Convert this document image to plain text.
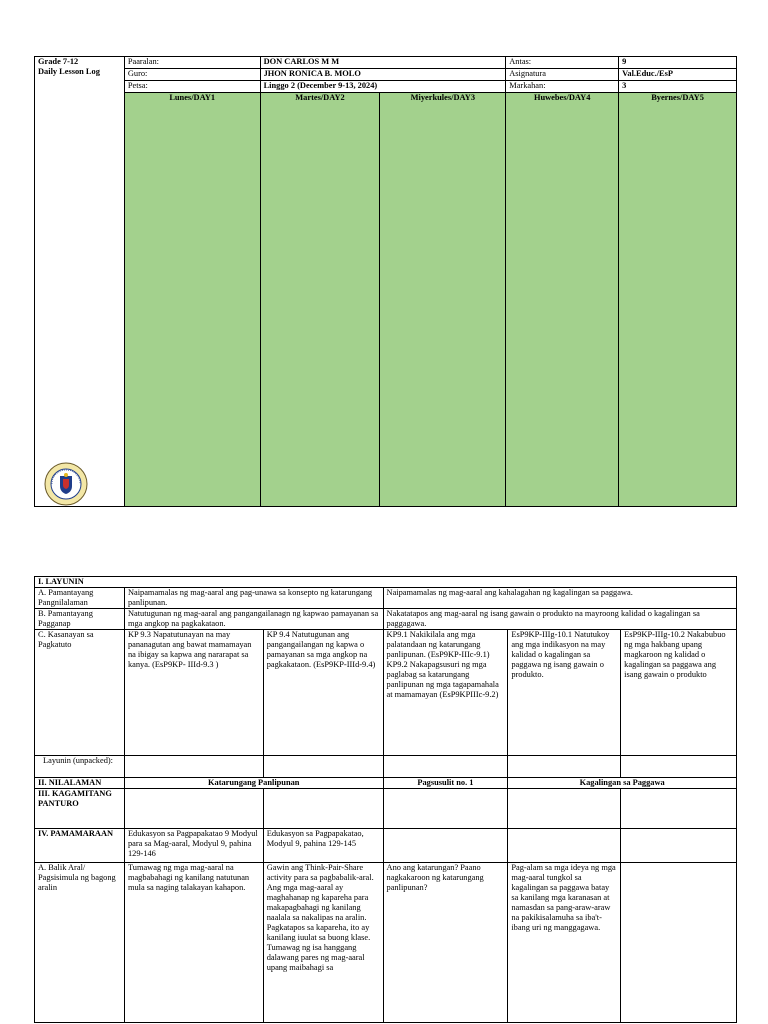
Grade 7-12
Daily Lesson Log	Paaralan:	DON CARLOS M M		Antas:	9
	Guro:	JHON RONICA B. MOLO		Asignatura	Val.Educ./EsP
	Petsa:	Linggo 2 (December 9-13, 2024)		Markahan:	3
	Lunes/DAY1	Martes/DAY2	Miyerkules/DAY3	Huwebes/DAY4	Byernes/DAY5
I. LAYUNIN					
A. Pamantayang Pangnilalaman	Naipamamalas ng mag-aaral ang pag-unawa sa konsepto ng katarungang panlipunan.		Naipamamalas ng mag-aaral ang kahalagahan ng kagalingan sa paggawa.		
B. Pamantayang Pagganap	Natutugunan ng mag-aaral ang pangangailanagn ng kapwao pamayanan sa mga angkop na pagkakataon.		Nakatatapos ang mag-aaral ng isang gawain o produkto na mayroong kalidad o kagalingan sa paggagawa.		
C. Kasanayan sa Pagkatuto	KP 9.3 Napatutunayan na may pananagutan ang bawat mamamayan na ibigay sa kapwa ang nararapat sa kanya. (EsP9KP- IIId-9.3 )	KP 9.4 Natutugunan ang pangangailangan ng kapwa o pamayanan sa mga angkop na pagkakataon. (EsP9KP-IIId-9.4)	KP9.1 Nakikilala ang mga palatandaan ng katarungang panlipunan. (EsP9KP-IIIc-9.1) KP9.2 Nakapagsusuri ng mga paglabag sa katarungang panlipunan ng mga tagapamahala at mamamayan (EsP9KPIIIc-9.2)	EsP9KP-IIIg-10.1 Natutukoy ang mga indikasyon na may kalidad o kagalingan sa paggawa ng isang gawain o produkto.	EsP9KP-IIIg-10.2 Nakabubuo ng mga hakbang upang magkaroon ng kalidad o kagalingan sa paggawa ang isang gawain o produkto
Layunin (unpacked):					
II. NILALAMAN	Katarungang Panlipunan		Pagsusulit no. 1	Kagalingan sa Paggawa	
III. KAGAMITANG PANTURO					
IV. PAMAMARAAN	Edukasyon sa Pagpapakatao 9 Modyul para sa Mag-aaral, Modyul 9, pahina 129-146	Edukasyon sa Pagpapakatao, Modyul 9, pahina 129-145			
A. Balik Aral/ Pagsisimula ng bagong aralin	Tumawag ng mga mag-aaral na magbabahagi ng kanilang natutunan mula sa naging talakayan kahapon.	Gawin ang Think-Pair-Share activity para sa pagbabalik-aral. Ang mga mag-aaral ay maghahanap ng kapareha para makapagbahagi ng kanilang naalala sa nakalipas na aralin. Pagkatapos sa kapareha, ito ay kanilang iuulat sa buong klase. Tumawag ng isa hanggang dalawang pares ng mag-aaral upang maibahagi sa	Ano ang katarungan? Paano nagkakaroon ng katarungang panlipunan?	Pag-alam sa mga ideya ng mga mag-aaral tungkol sa kagalingan sa paggawa batay sa kanilang mga karanasan at namasdan sa pang-araw-araw na pakikisalamuha sa iba't-ibang uri ng manggagawa.	
